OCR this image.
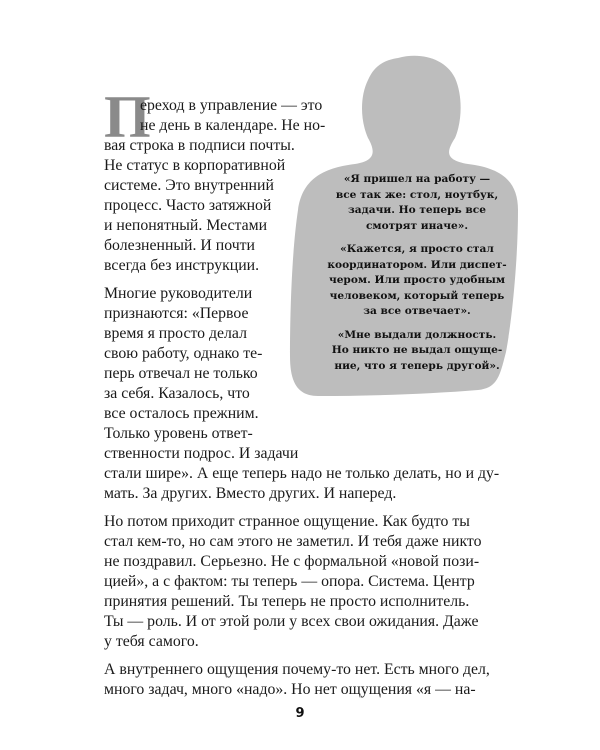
«Я пришел на работу —
все так же: стол, ноутбук,
задачи. Но теперь все
смотрят иначе».

«Кажется, я просто стал
координатором. Или диспет-
чером. Или просто удобным
человеком, который теперь
за все отвечает».

«Мне выдали должность.
Но никто не выдал ощуще-
ние, что я теперь другой».

П
ереход в управление — это
не день в календаре. Не но-
вая строка в подписи почты.
Не статус в корпоративной
системе. Это внутренний
процесс. Часто затяжной
и непонятный. Местами
болезненный. И почти
всегда без инструкции.
Многие руководители
признаются: «Первое
время я просто делал
свою работу, однако те-
перь отвечал не только
за себя. Казалось, что
все осталось прежним.
Только уровень ответ-
ственности подрос. И задачи
стали шире». А еще теперь надо не только делать, но и ду-
мать. За других. Вместо других. И наперед.
Но потом приходит странное ощущение. Как будто ты
стал кем-то, но сам этого не заметил. И тебя даже никто
не поздравил. Серьезно. Не с формальной «новой пози-
цией», а с фактом: ты теперь — опора. Система. Центр
принятия решений. Ты теперь не просто исполнитель.
Ты — роль. И от этой роли у всех свои ожидания. Даже
у тебя самого.
А внутреннего ощущения почему-то нет. Есть много дел,
много задач, много «надо». Но нет ощущения «я — на-
9
